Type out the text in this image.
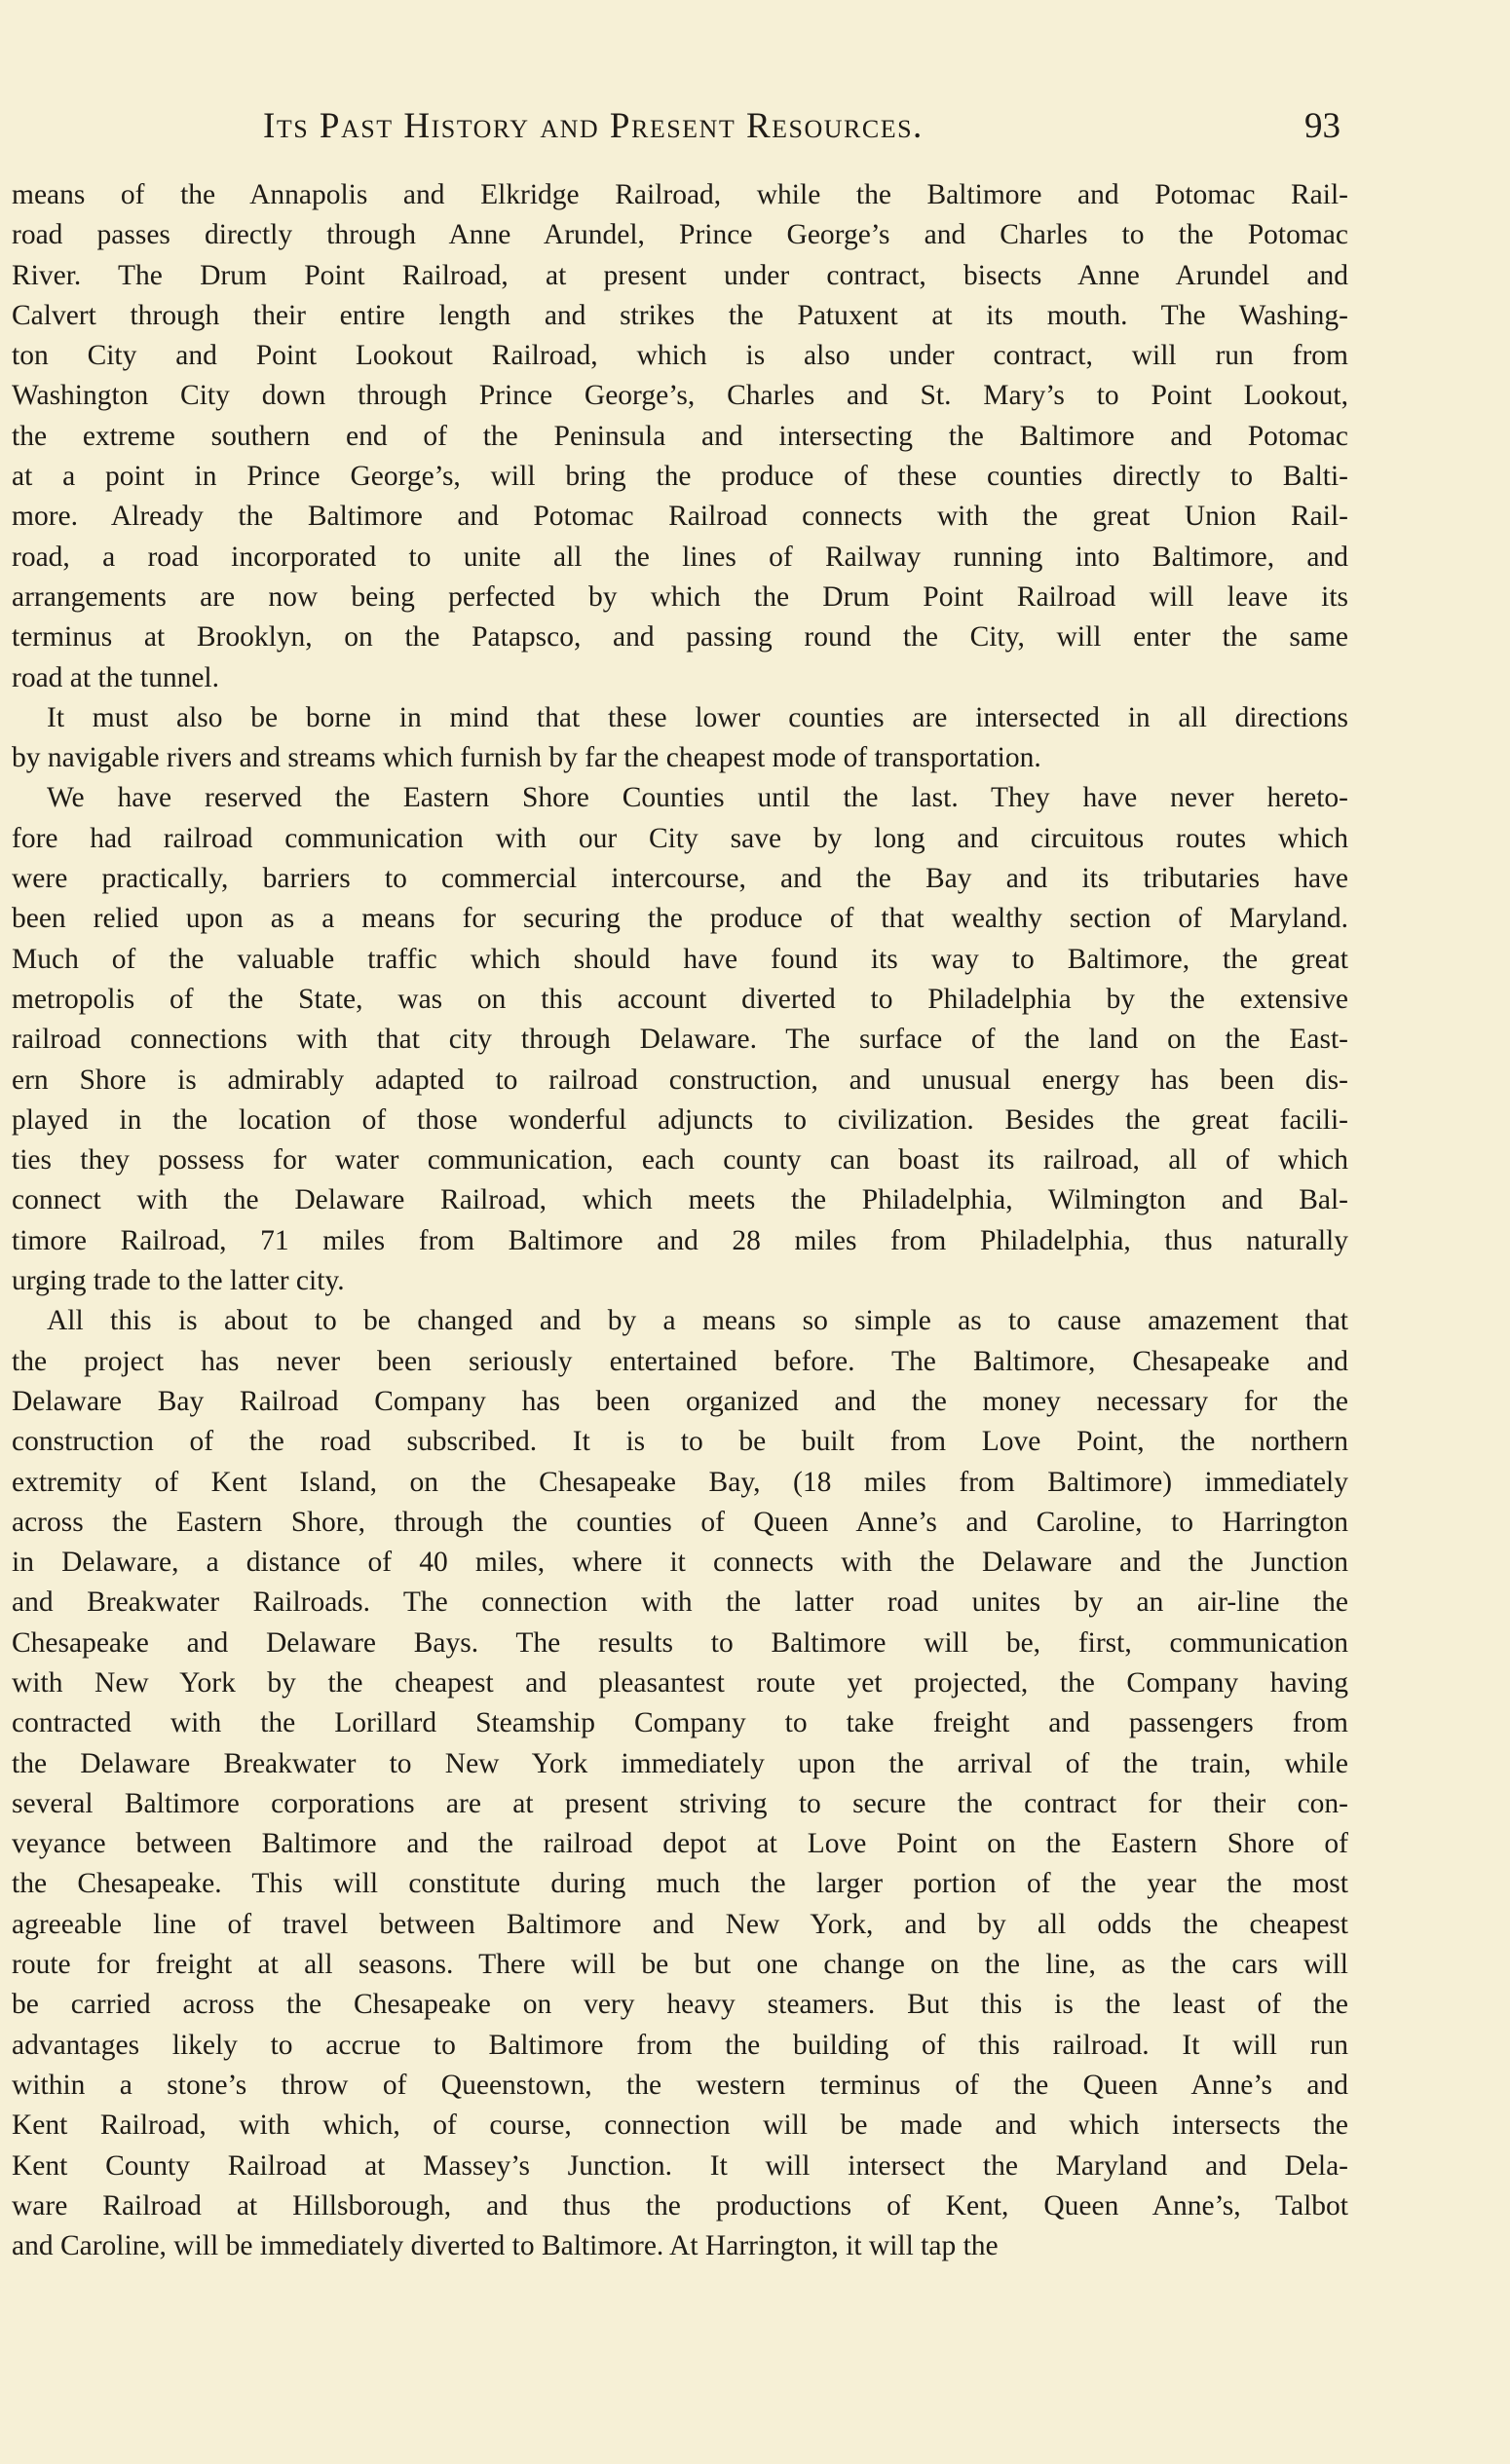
Its Past History and Present Resources.	93
means of the Annapolis and Elkridge Railroad, while the Baltimore and Potomac Rail-
road passes directly through Anne Arundel, Prince George’s and Charles to the Potomac
River. The Drum Point Railroad, at present under contract, bisects Anne Arundel and
Calvert through their entire length and strikes the Patuxent at its mouth. The Washing-
ton City and Point Lookout Railroad, which is also under contract, will run from
Washington City down through Prince George’s, Charles and St. Mary’s to Point Lookout,
the extreme southern end of the Peninsula and intersecting the Baltimore and Potomac
at a point in Prince George’s, will bring the produce of these counties directly to Balti-
more. Already the Baltimore and Potomac Railroad connects with the great Union Rail-
road, a road incorporated to unite all the lines of Railway running into Baltimore, and
arrangements are now being perfected by which the Drum Point Railroad will leave its
terminus at Brooklyn, on the Patapsco, and passing round the City, will enter the same
road at the tunnel.
It must also be borne in mind that these lower counties are intersected in all directions
by navigable rivers and streams which furnish by far the cheapest mode of transportation.
We have reserved the Eastern Shore Counties until the last. They have never hereto-
fore had railroad communication with our City save by long and circuitous routes which
were practically, barriers to commercial intercourse, and the Bay and its tributaries have
been relied upon as a means for securing the produce of that wealthy section of Maryland.
Much of the valuable traffic which should have found its way to Baltimore, the great
metropolis of the State, was on this account diverted to Philadelphia by the extensive
railroad connections with that city through Delaware. The surface of the land on the East-
ern Shore is admirably adapted to railroad construction, and unusual energy has been dis-
played in the location of those wonderful adjuncts to civilization. Besides the great facili-
ties they possess for water communication, each county can boast its railroad, all of which
connect with the Delaware Railroad, which meets the Philadelphia, Wilmington and Bal-
timore Railroad, 71 miles from Baltimore and 28 miles from Philadelphia, thus naturally
urging trade to the latter city.
All this is about to be changed and by a means so simple as to cause amazement that
the project has never been seriously entertained before. The Baltimore, Chesapeake and
Delaware Bay Railroad Company has been organized and the money necessary for the
construction of the road subscribed. It is to be built from Love Point, the northern
extremity of Kent Island, on the Chesapeake Bay, (18 miles from Baltimore) immediately
across the Eastern Shore, through the counties of Queen Anne’s and Caroline, to Harrington
in Delaware, a distance of 40 miles, where it connects with the Delaware and the Junction
and Breakwater Railroads. The connection with the latter road unites by an air-line the
Chesapeake and Delaware Bays. The results to Baltimore will be, first, communication
with New York by the cheapest and pleasantest route yet projected, the Company having
contracted with the Lorillard Steamship Company to take freight and passengers from
the Delaware Breakwater to New York immediately upon the arrival of the train, while
several Baltimore corporations are at present striving to secure the contract for their con-
veyance between Baltimore and the railroad depot at Love Point on the Eastern Shore of
the Chesapeake. This will constitute during much the larger portion of the year the most
agreeable line of travel between Baltimore and New York, and by all odds the cheapest
route for freight at all seasons. There will be but one change on the line, as the cars will
be carried across the Chesapeake on very heavy steamers. But this is the least of the
advantages likely to accrue to Baltimore from the building of this railroad. It will run
within a stone’s throw of Queenstown, the western terminus of the Queen Anne’s and
Kent Railroad, with which, of course, connection will be made and which intersects the
Kent County Railroad at Massey’s Junction. It will intersect the Maryland and Dela-
ware Railroad at Hillsborough, and thus the productions of Kent, Queen Anne’s, Talbot
and Caroline, will be immediately diverted to Baltimore. At Harrington, it will tap the
